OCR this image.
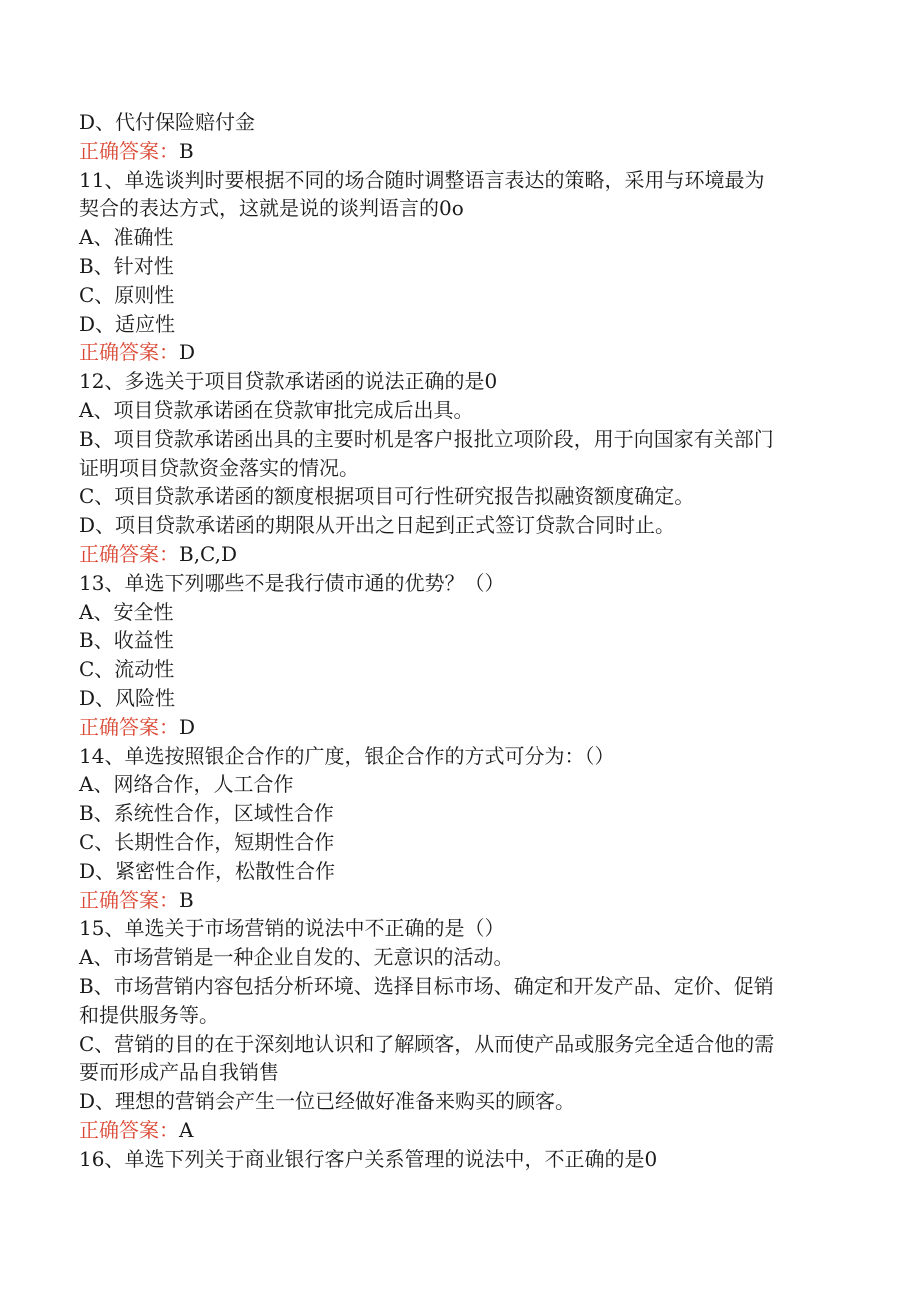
D、代付保险赔付金

正确答案：B

11、单选谈判时要根据不同的场合随时调整语言表达的策略，采用与环境最为

契合的表达方式，这就是说的谈判语言的0o

A、准确性

B、针对性

C、原则性

D、适应性

正确答案：D

12、多选关于项目贷款承诺函的说法正确的是0

A、项目贷款承诺函在贷款审批完成后出具。

B、项目贷款承诺函出具的主要时机是客户报批立项阶段，用于向国家有关部门

证明项目贷款资金落实的情况。

C、项目贷款承诺函的额度根据项目可行性研究报告拟融资额度确定。

D、项目贷款承诺函的期限从开出之日起到正式签订贷款合同时止。

正确答案：B,C,D

13、单选下列哪些不是我行债市通的优势？（）

A、安全性

B、收益性

C、流动性

D、风险性

正确答案：D

14、单选按照银企合作的广度，银企合作的方式可分为：（）

A、网络合作，人工合作

B、系统性合作，区域性合作

C、长期性合作，短期性合作

D、紧密性合作，松散性合作

正确答案：B

15、单选关于市场营销的说法中不正确的是（）

A、市场营销是一种企业自发的、无意识的活动。

B、市场营销内容包括分析环境、选择目标市场、确定和开发产品、定价、促销

和提供服务等。

C、营销的目的在于深刻地认识和了解顾客，从而使产品或服务完全适合他的需

要而形成产品自我销售

D、理想的营销会产生一位已经做好准备来购买的顾客。

正确答案：A

16、单选下列关于商业银行客户关系管理的说法中，不正确的是0
